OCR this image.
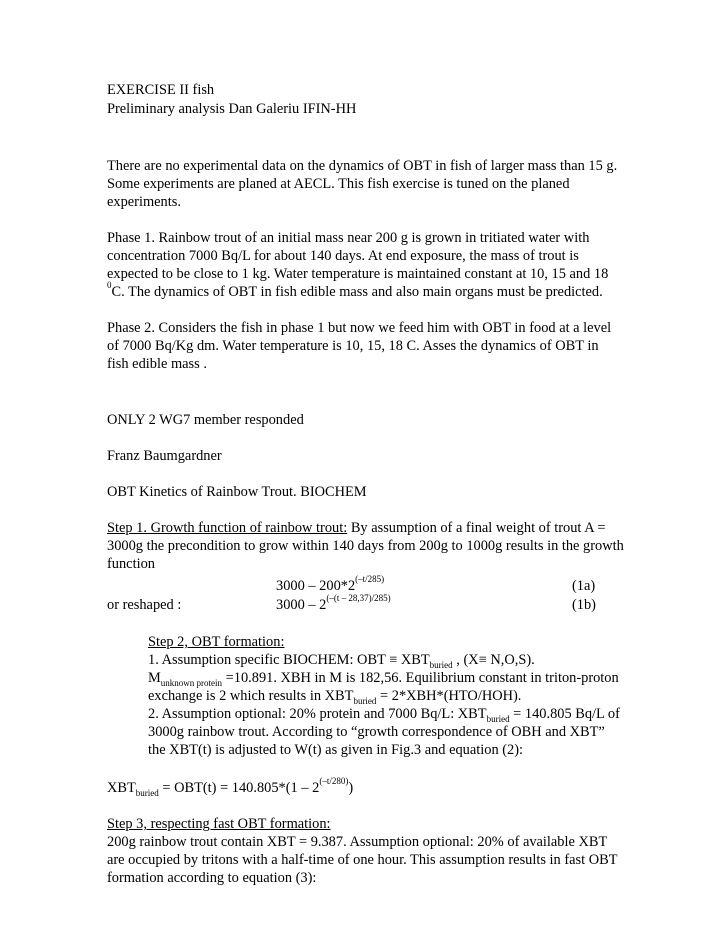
EXERCISE II fish
Preliminary analysis Dan Galeriu IFIN-HH
There are no experimental data on the dynamics of OBT in fish of larger mass than 15 g.
Some experiments are planed at AECL. This fish exercise is tuned on the planed
experiments.
Phase 1. Rainbow trout of an initial mass near 200 g is grown in tritiated water with
concentration 7000 Bq/L for about 140 days. At end exposure, the mass of trout is
expected to be close to 1 kg. Water temperature is maintained constant at 10, 15 and 18
$^0$C. The dynamics of OBT in fish edible mass and also main organs must be predicted.
Phase 2. Considers the fish in phase 1 but now we feed him with OBT in food at a level
of 7000 Bq/Kg dm. Water temperature is 10, 15, 18 C. Asses the dynamics of OBT in
fish edible mass .
ONLY 2 WG7 member responded
Franz Baumgardner
OBT Kinetics of Rainbow Trout. BIOCHEM
Step 1. Growth function of rainbow trout: By assumption of a final weight of trout A =
3000g the precondition to grow within 140 days from 200g to 1000g results in the growth
function
$3000 - 200*2^{(-t/285)}$	(1a)
or reshaped :	$3000 - 2^{(-(t - 28,37)/285)}$	(1b)
Step 2, OBT formation:
1. Assumption specific BIOCHEM: OBT ≡ $XBT_{buried}$ , (X≡ N,O,S).
$M_{unknown protein} =10.891$. XBH in M is 182,56. Equilibrium constant in triton-proton
exchange is 2 which results in $XBT_{buried} = 2*XBH*(HTO/HOH)$.
2. Assumption optional: 20% protein and 7000 Bq/L: $XBT_{buried} = 140.805$ Bq/L of
3000g rainbow trout. According to “growth correspondence of OBH and XBT”
the XBT(t) is adjusted to W(t) as given in Fig.3 and equation (2):
$XBT_{buried} = OBT(t) = 140.805*(1 - 2^{(-t/280)})$
Step 3, respecting fast OBT formation:
200g rainbow trout contain XBT = 9.387. Assumption optional: 20% of available XBT
are occupied by tritons with a half-time of one hour. This assumption results in fast OBT
formation according to equation (3):
